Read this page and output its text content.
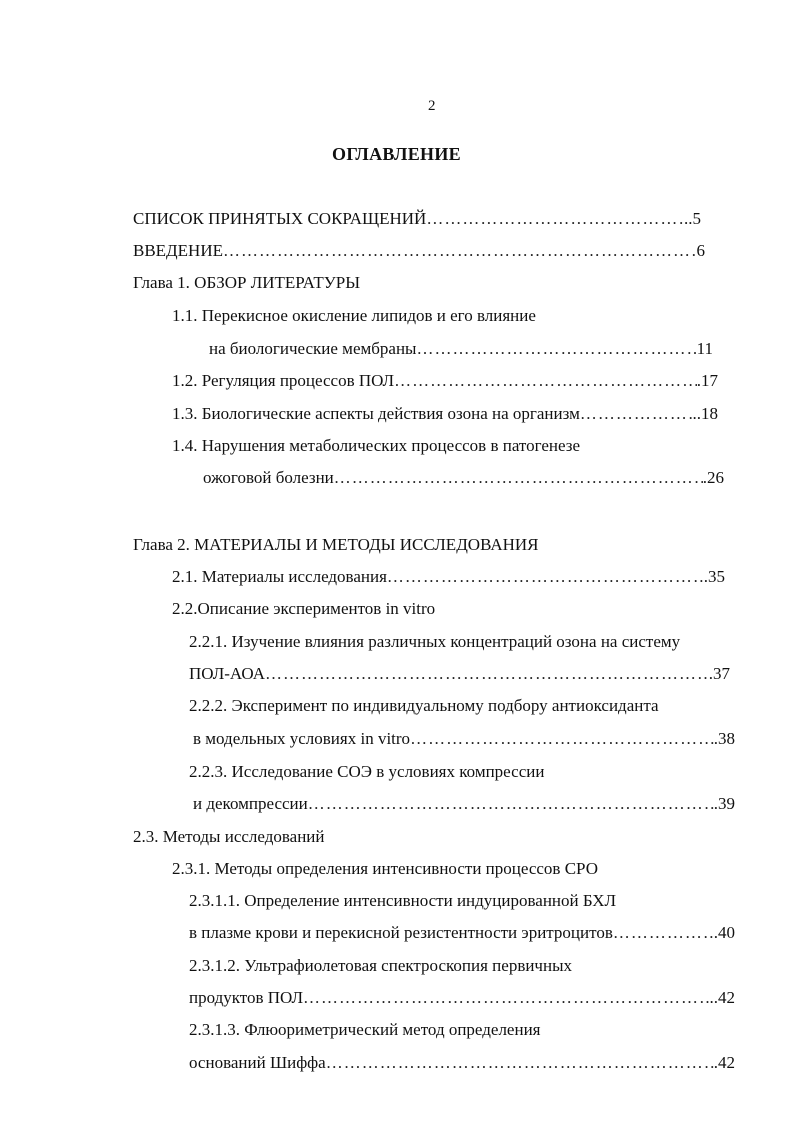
2
ОГЛАВЛЕНИЕ
СПИСОК ПРИНЯТЫХ СОКРАЩЕНИЙ ……………………………………………………………………………………………………………………………………………………	..5
ВВЕДЕНИЕ ……………………………………………………………………………………………………………………………………………………	6
Глава 1. ОБЗОР ЛИТЕРАТУРЫ
1.1. Перекисное окисление липидов и его влияние
на биологические мембраны ……………………………………………………………………………………………………………………………………………………	11
1.2. Регуляция процессов ПОЛ ……………………………………………………………………………………………………………………………………………………	.17
1.3. Биологические аспекты действия озона на организм ……………………………………………………………………………………………………………………………………………………	..18
1.4. Нарушения метаболических процессов в патогенезе
ожоговой болезни ……………………………………………………………………………………………………………………………………………………	.26
Глава 2. МАТЕРИАЛЫ И МЕТОДЫ ИССЛЕДОВАНИЯ
2.1. Материалы исследования ……………………………………………………………………………………………………………………………………………………	.35
2.2.Описание экспериментов in vitro
2.2.1. Изучение влияния различных концентраций озона на систему
ПОЛ-АОА ……………………………………………………………………………………………………………………………………………………	.37
2.2.2. Эксперимент по индивидуальному подбору антиоксиданта
в модельных условиях in vitro ……………………………………………………………………………………………………………………………………………………	.38
2.2.3. Исследование СОЭ в условиях компрессии
и декомпрессии ……………………………………………………………………………………………………………………………………………………	.39
2.3. Методы исследований
2.3.1. Методы определения интенсивности процессов СРО
2.3.1.1. Определение интенсивности индуцированной БХЛ
в плазме крови и перекисной резистентности эритроцитов ……………………………………………………………………………………………………………………………………………………	.40
2.3.1.2. Ультрафиолетовая спектроскопия первичных
продуктов ПОЛ ……………………………………………………………………………………………………………………………………………………	..42
2.3.1.3. Флюориметрический метод определения
оснований Шиффа ……………………………………………………………………………………………………………………………………………………	.42
